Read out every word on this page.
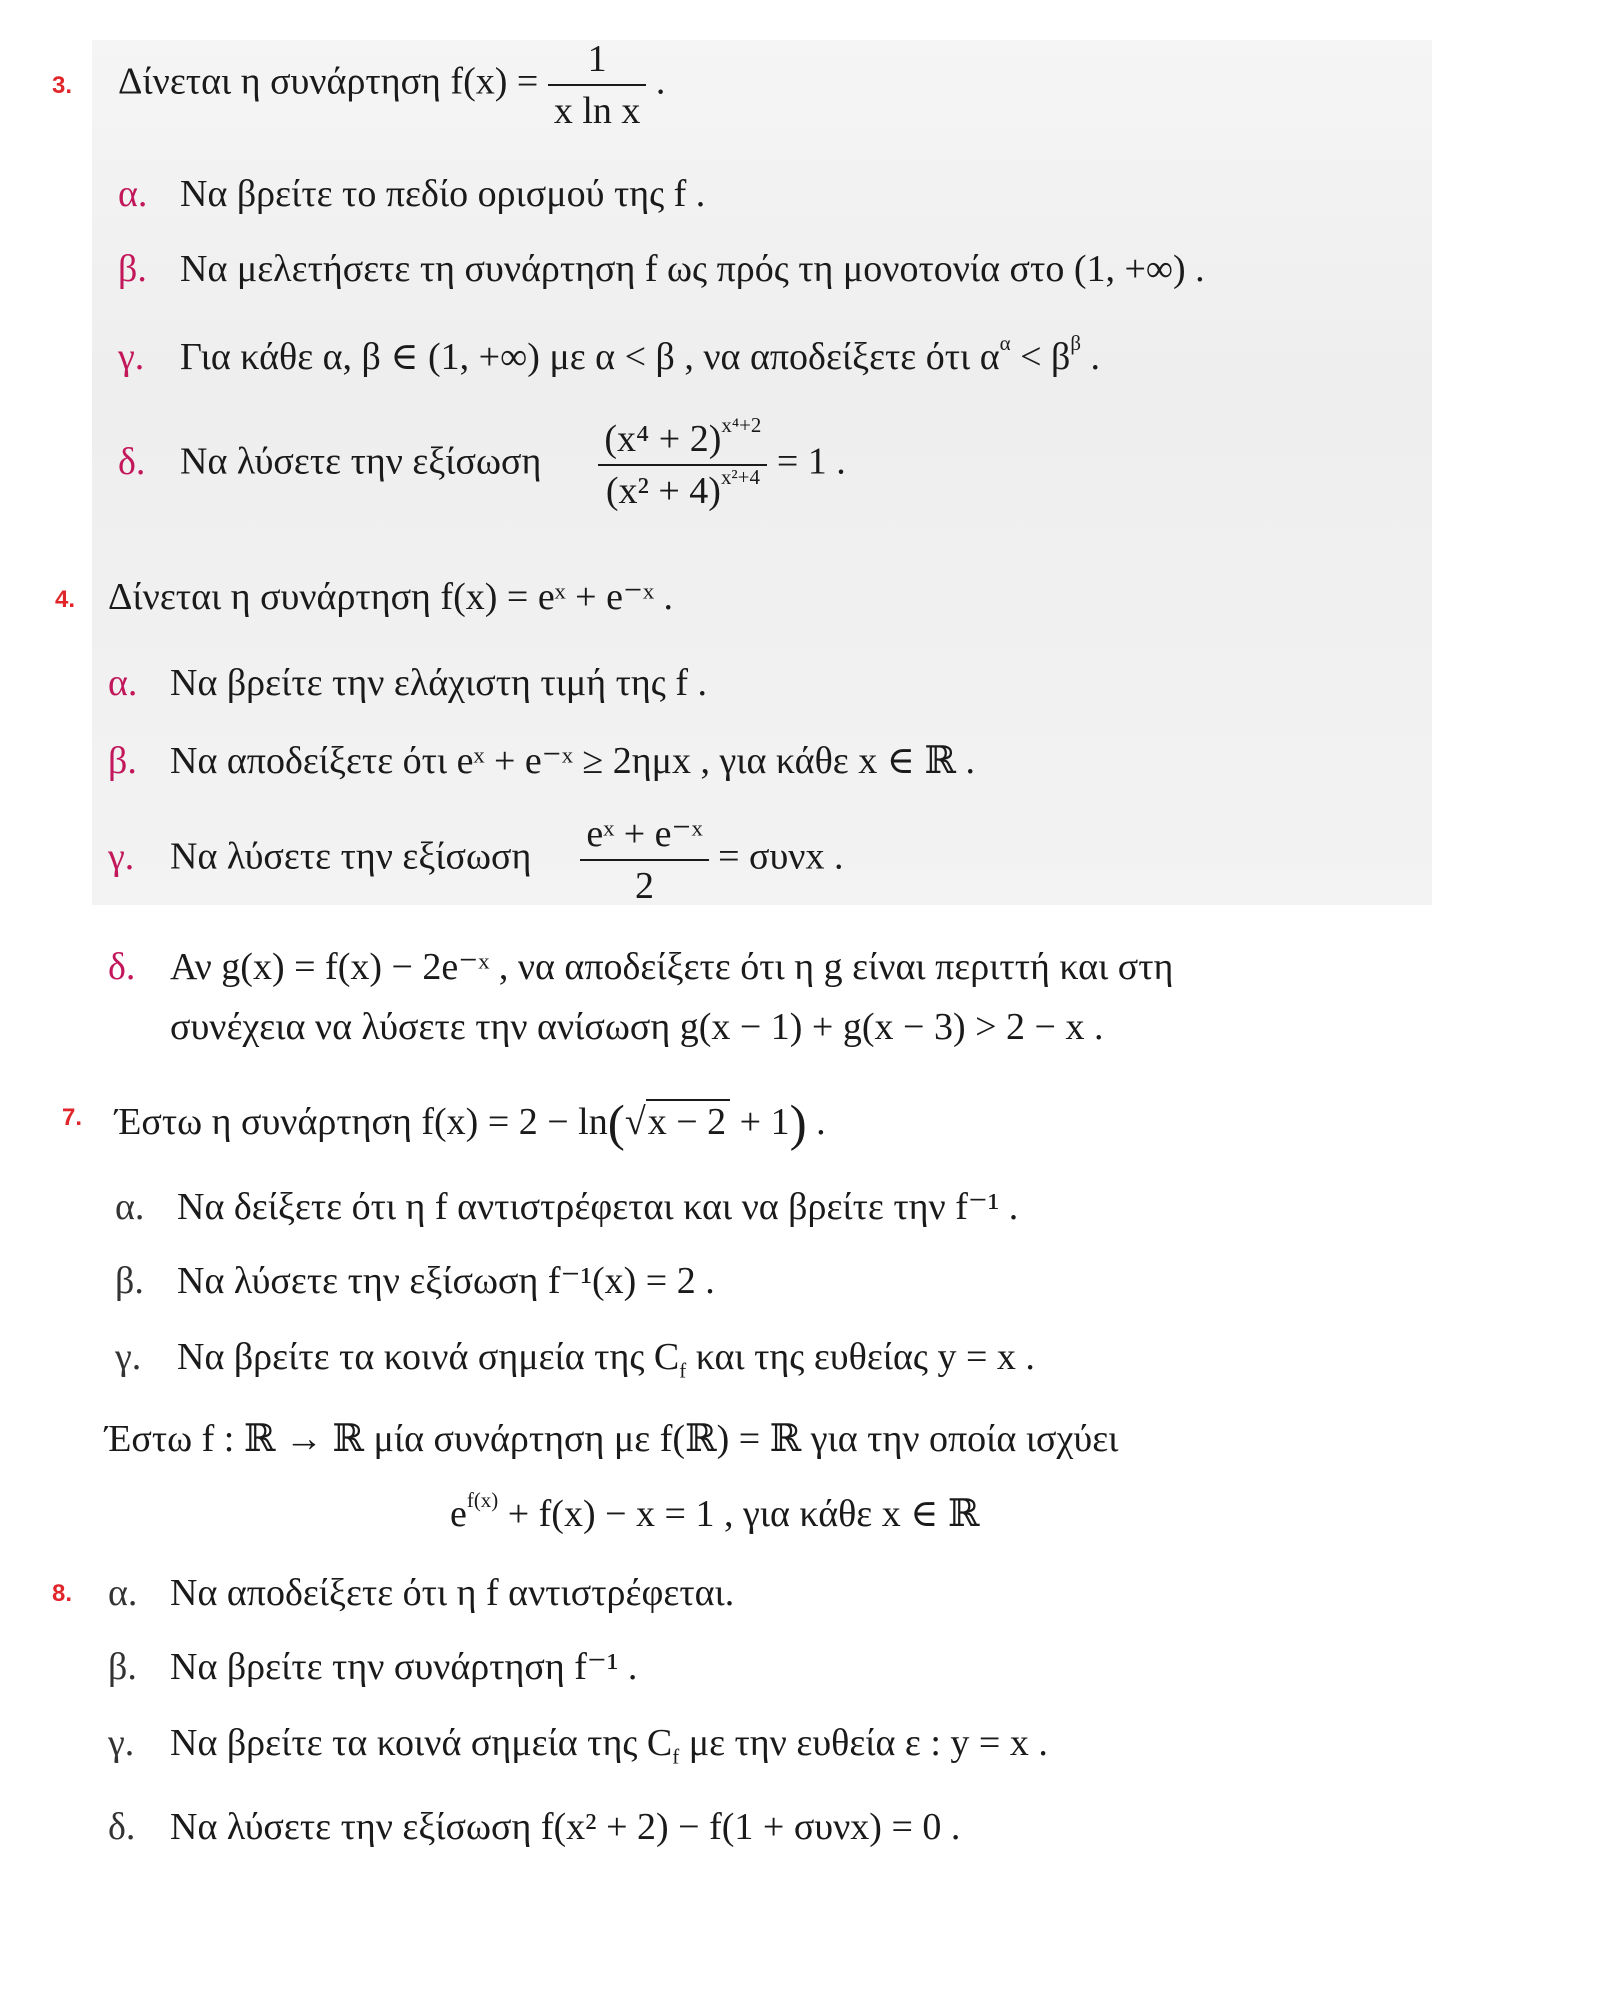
3. Δίνεται η συνάρτηση $f(x) = \frac{1}{\text{x ln x}}$ .
α. Να βρείτε το πεδίο ορισμού της f .
β. Να μελετήσετε τη συνάρτηση f ως πρός τη μονοτονία στο (1, +∞) .
γ. Για κάθε α, β ∈ (1, +∞) με α < β , να αποδείξετε ότι $\alpha^\alpha < \beta^\beta$ .
δ. Να λύσετε την εξίσωση $\frac{(x^4 + 2)^{x^4+2}}{(x^2 + 4)^{x^2+4}} = 1$ .
4. Δίνεται η συνάρτηση f(x) = eˣ + e⁻ˣ .
α. Να βρείτε την ελάχιστη τιμή της f .
β. Να αποδείξετε ότι eˣ + e⁻ˣ ≥ 2ημx , για κάθε x ∈ ℝ .
γ. Να λύσετε την εξίσωση $\frac{\text{eˣ + e⁻ˣ}}{2} = \sigma\upsilon\nu x$ .
δ. Αν g(x) = f(x) − 2e⁻ˣ , να αποδείξετε ότι η g είναι περιττή και στη
συνέχεια να λύσετε την ανίσωση g(x − 1) + g(x − 3) > 2 − x .
7. Έστω η συνάρτηση f(x) = 2 − ln(√x − 2 + 1) .
α. Να δείξετε ότι η f αντιστρέφεται και να βρείτε την f⁻¹ .
β. Να λύσετε την εξίσωση f⁻¹(x) = 2 .
γ. Να βρείτε τα κοινά σημεία της $C_f$ και της ευθείας y = x .
Έστω f : ℝ → ℝ μία συνάρτηση με f(ℝ) = ℝ για την οποία ισχύει
$e^{f(x)} + f(x) - x = 1$ , για κάθε x ∈ ℝ
8. α. Να αποδείξετε ότι η f αντιστρέφεται.
β. Να βρείτε την συνάρτηση f⁻¹ .
γ. Να βρείτε τα κοινά σημεία της $C_f$ με την ευθεία ε : y = x .
δ. Να λύσετε την εξίσωση f(x² + 2) − f(1 + συνx) = 0 .
